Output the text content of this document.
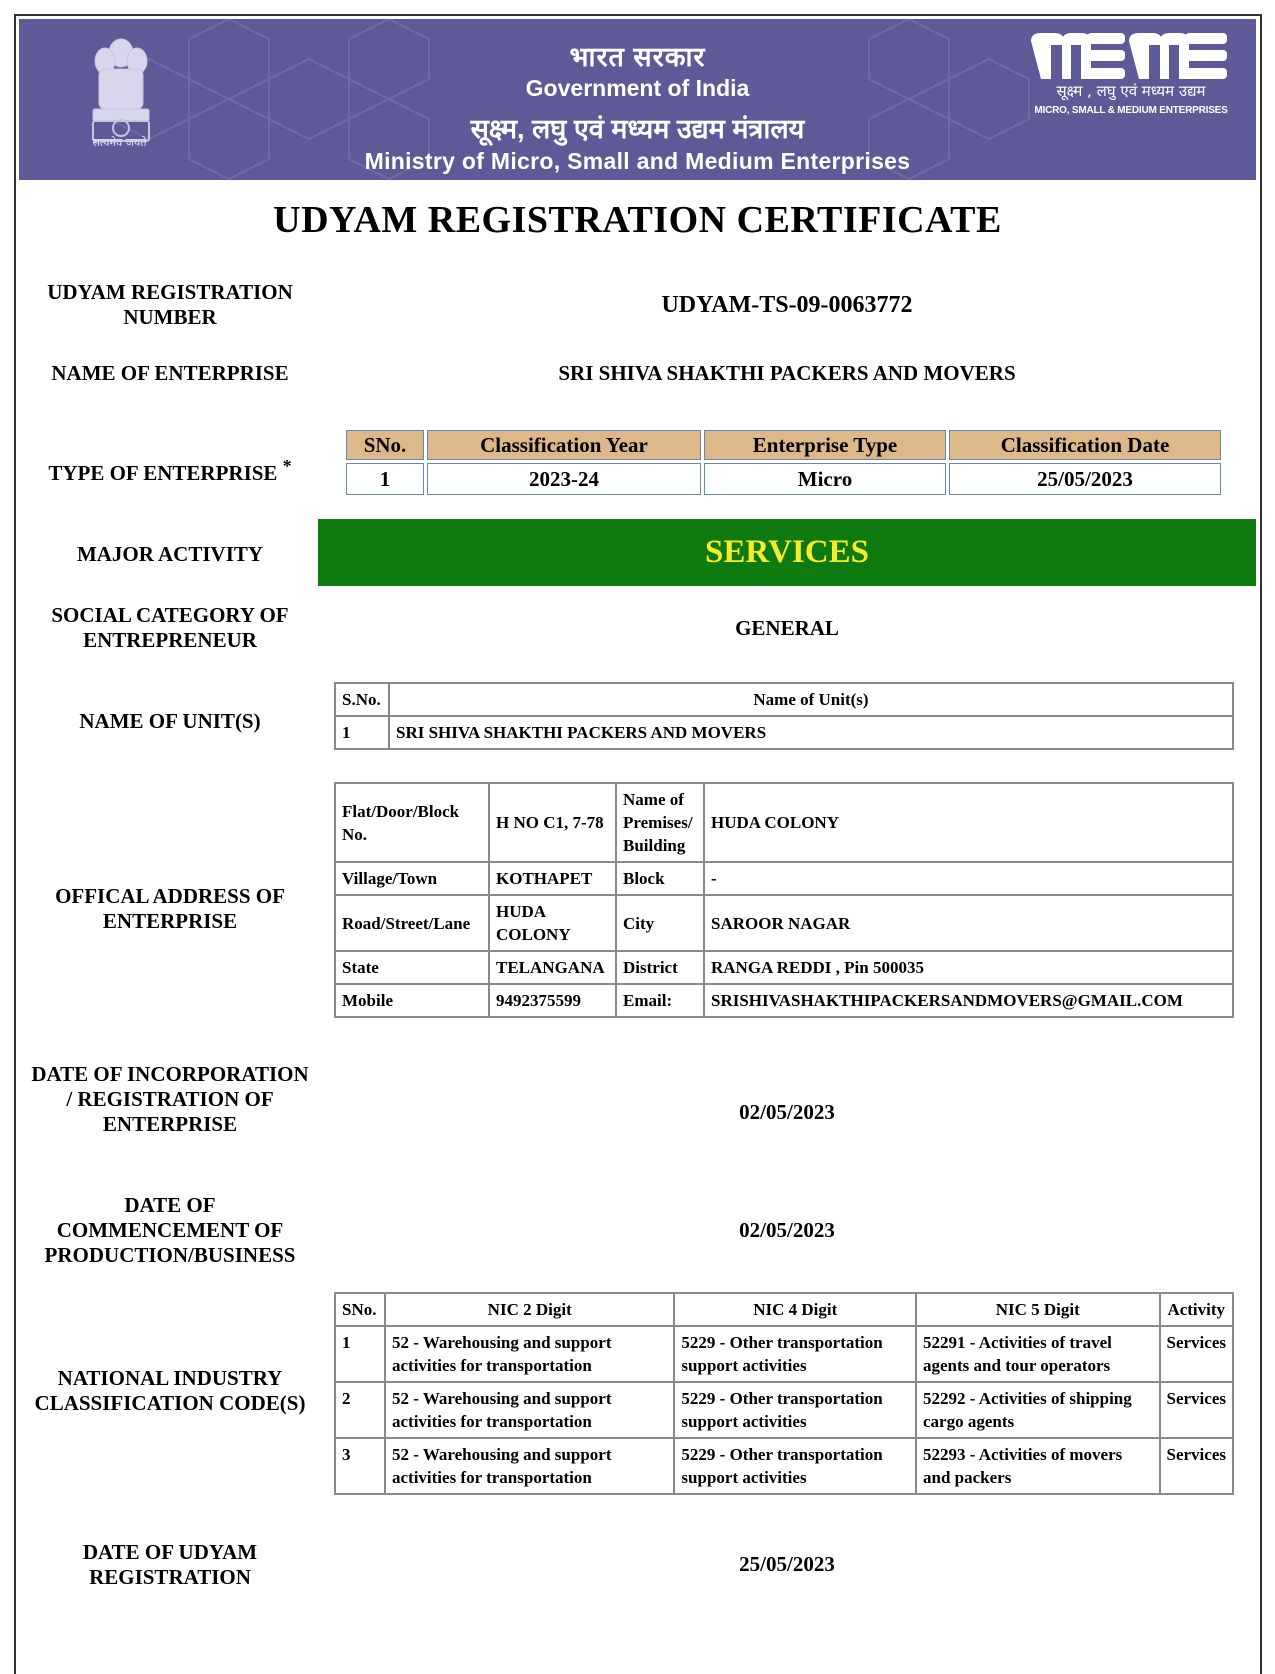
सत्यमेव जयते
भारत सरकार
Government of India
सूक्ष्म, लघु एवं मध्यम उद्यम मंत्रालय
Ministry of Micro, Small and Medium Enterprises
सूक्ष्म , लघु एवं मध्यम उद्यम
MICRO, SMALL & MEDIUM ENTERPRISES
UDYAM REGISTRATION CERTIFICATE
UDYAM REGISTRATION NUMBER	UDYAM-TS-09-0063772
NAME OF ENTERPRISE	SRI SHIVA SHAKTHI PACKERS AND MOVERS
TYPE OF ENTERPRISE *
SNo.	Classification Year	Enterprise Type	Classification Date
1	2023-24	Micro	25/05/2023
MAJOR ACTIVITY	SERVICES
SOCIAL CATEGORY OF ENTREPRENEUR	GENERAL
NAME OF UNIT(S)
S.No.	Name of Unit(s)
1	SRI SHIVA SHAKTHI PACKERS AND MOVERS
OFFICAL ADDRESS OF ENTERPRISE
Flat/Door/Block No.	H NO C1, 7-78	Name of Premises/ Building	HUDA COLONY
Village/Town	KOTHAPET	Block	-
Road/Street/Lane	HUDA COLONY	City	SAROOR NAGAR
State	TELANGANA	District	RANGA REDDI , Pin 500035
Mobile	9492375599	Email:	SRISHIVASHAKTHIPACKERSANDMOVERS@GMAIL.COM
DATE OF INCORPORATION / REGISTRATION OF ENTERPRISE	02/05/2023
DATE OF COMMENCEMENT OF PRODUCTION/BUSINESS
02/05/2023
NATIONAL INDUSTRY CLASSIFICATION CODE(S)
SNo.	NIC 2 Digit	NIC 4 Digit	NIC 5 Digit	Activity
1	52 - Warehousing and support activities for transportation	5229 - Other transportation support activities	52291 - Activities of travel agents and tour operators	Services
2	52 - Warehousing and support activities for transportation	5229 - Other transportation support activities	52292 - Activities of shipping cargo agents	Services
3	52 - Warehousing and support activities for transportation	5229 - Other transportation support activities	52293 - Activities of movers and packers	Services
DATE OF UDYAM REGISTRATION
25/05/2023
